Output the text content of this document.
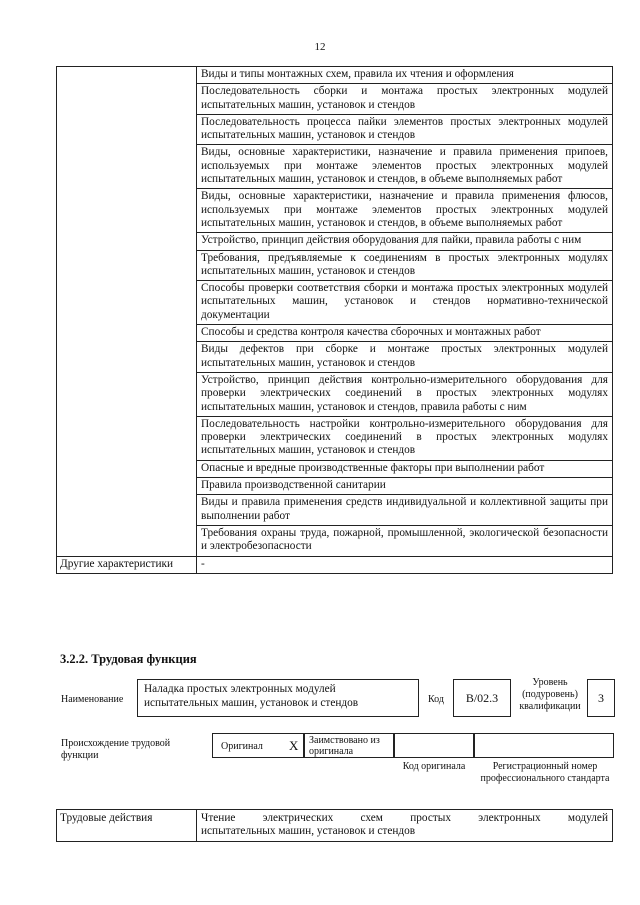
12
	Виды и типы монтажных схем, правила их чтения и оформления
	Последовательность сборки и монтажа простых электронных модулей испытательных машин, установок и стендов
	Последовательность процесса пайки элементов простых электронных модулей испытательных машин, установок и стендов
	Виды, основные характеристики, назначение и правила применения припоев, используемых при монтаже элементов простых электронных модулей испытательных машин, установок и стендов, в объеме выполняемых работ
	Виды, основные характеристики, назначение и правила применения флюсов, используемых при монтаже элементов простых электронных модулей испытательных машин, установок и стендов, в объеме выполняемых работ
	Устройство, принцип действия оборудования для пайки, правила работы с ним
	Требования, предъявляемые к соединениям в простых электронных модулях испытательных машин, установок и стендов
	Способы проверки соответствия сборки и монтажа простых электронных модулей испытательных машин, установок и стендов нормативно-технической документации
	Способы и средства контроля качества сборочных и монтажных работ
	Виды дефектов при сборке и монтаже простых электронных модулей испытательных машин, установок и стендов
	Устройство, принцип действия контрольно-измерительного оборудования для проверки электрических соединений в простых электронных модулях испытательных машин, установок и стендов, правила работы с ним
	Последовательность настройки контрольно-измерительного оборудования для проверки электрических соединений в простых электронных модулях испытательных машин, установок и стендов
	Опасные и вредные производственные факторы при выполнении работ
	Правила производственной санитарии
	Виды и правила применения средств индивидуальной и коллективной защиты при выполнении работ
	Требования охраны труда, пожарной, промышленной, экологической безопасности и электробезопасности
Другие характеристики	-
3.2.2. Трудовая функция
Наименование
Наладка простых электронных модулей испытательных машин, установок и стендов	Код	B/02.3
Уровень (подуровень) квалификации
3
Происхождение трудовой функции
Оригинал X	Заимствовано из оригинала
Код оригинала	Регистрационный номер профессионального стандарта
Трудовые действия	Чтение электрических схем простых электронных модулей
испытательных машин, установок и стендов
